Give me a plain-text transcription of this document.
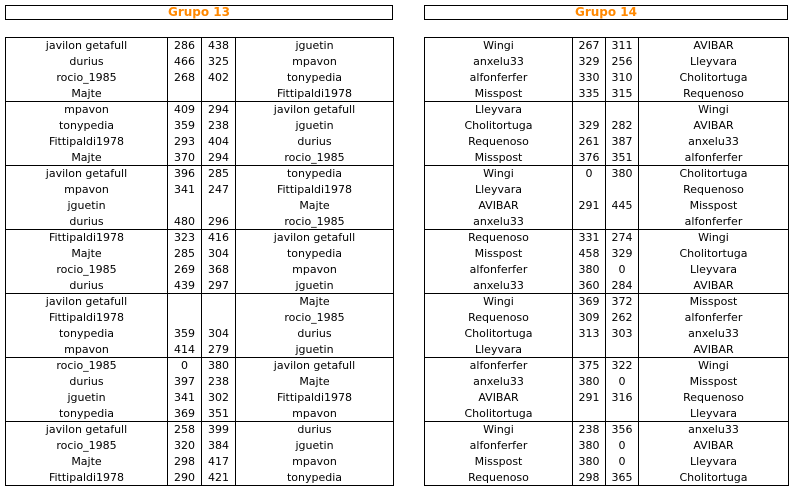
Grupo 13
javilon getafull	286	438	jguetin
durius	466	325	mpavon
rocio_1985	268	402	tonypedia
Majte			Fittipaldi1978
mpavon	409	294	javilon getafull
tonypedia	359	238	jguetin
Fittipaldi1978	293	404	durius
Majte	370	294	rocio_1985
javilon getafull	396	285	tonypedia
mpavon	341	247	Fittipaldi1978
jguetin			Majte
durius	480	296	rocio_1985
Fittipaldi1978	323	416	javilon getafull
Majte	285	304	tonypedia
rocio_1985	269	368	mpavon
durius	439	297	jguetin
javilon getafull			Majte
Fittipaldi1978			rocio_1985
tonypedia	359	304	durius
mpavon	414	279	jguetin
rocio_1985	0	380	javilon getafull
durius	397	238	Majte
jguetin	341	302	Fittipaldi1978
tonypedia	369	351	mpavon
javilon getafull	258	399	durius
rocio_1985	320	384	jguetin
Majte	298	417	mpavon
Fittipaldi1978	290	421	tonypedia
Grupo 14
Wingi	267	311	AVIBAR
anxelu33	329	256	Lleyvara
alfonferfer	330	310	Cholitortuga
Misspost	335	315	Requenoso
Lleyvara			Wingi
Cholitortuga	329	282	AVIBAR
Requenoso	261	387	anxelu33
Misspost	376	351	alfonferfer
Wingi	0	380	Cholitortuga
Lleyvara			Requenoso
AVIBAR	291	445	Misspost
anxelu33			alfonferfer
Requenoso	331	274	Wingi
Misspost	458	329	Cholitortuga
alfonferfer	380	0	Lleyvara
anxelu33	360	284	AVIBAR
Wingi	369	372	Misspost
Requenoso	309	262	alfonferfer
Cholitortuga	313	303	anxelu33
Lleyvara			AVIBAR
alfonferfer	375	322	Wingi
anxelu33	380	0	Misspost
AVIBAR	291	316	Requenoso
Cholitortuga			Lleyvara
Wingi	238	356	anxelu33
alfonferfer	380	0	AVIBAR
Misspost	380	0	Lleyvara
Requenoso	298	365	Cholitortuga
